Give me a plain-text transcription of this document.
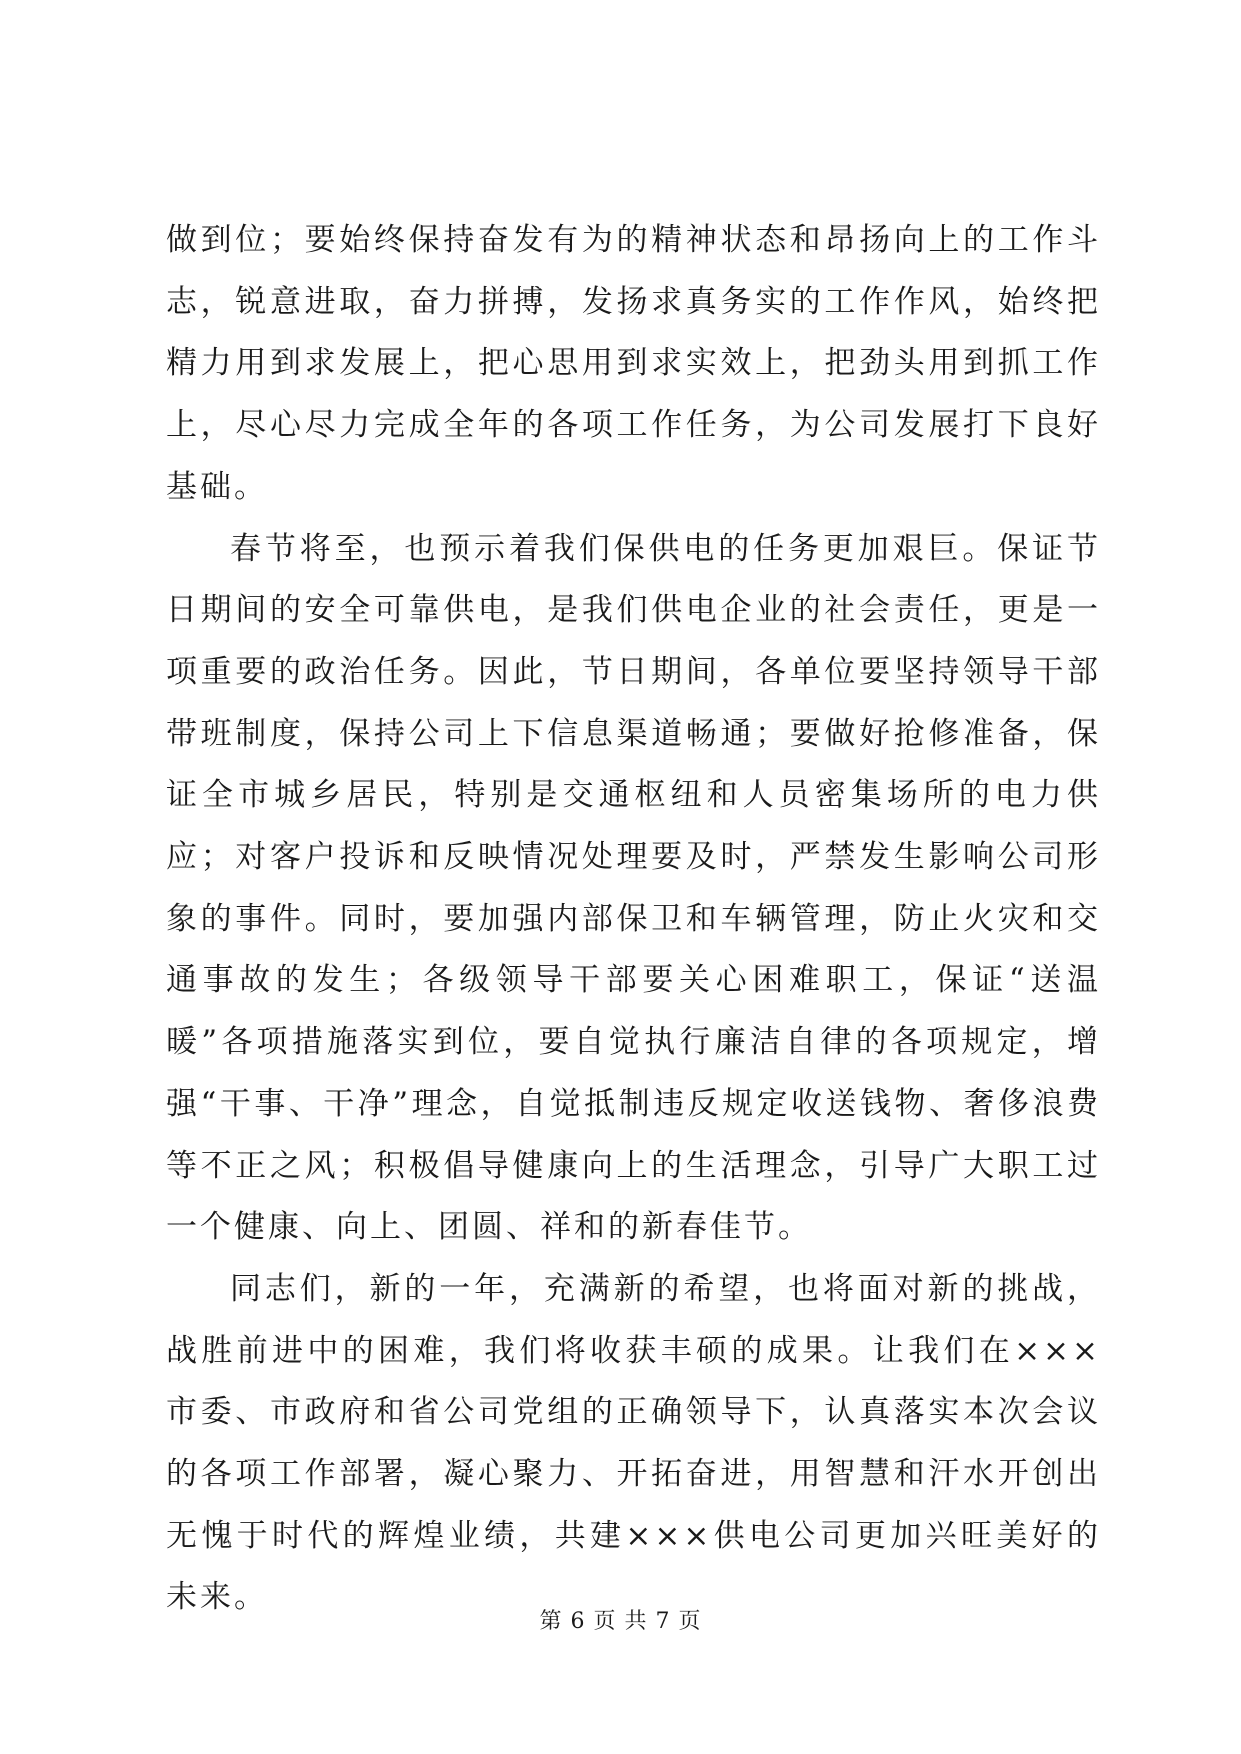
做到位；要始终保持奋发有为的精神状态和昂扬向上的工作斗志，锐意进取，奋力拼搏，发扬求真务实的工作作风，始终把精力用到求发展上，把心思用到求实效上，把劲头用到抓工作上，尽心尽力完成全年的各项工作任务，为公司发展打下良好基础。

春节将至，也预示着我们保供电的任务更加艰巨。保证节日期间的安全可靠供电，是我们供电企业的社会责任，更是一项重要的政治任务。因此，节日期间，各单位要坚持领导干部带班制度，保持公司上下信息渠道畅通；要做好抢修准备，保证全市城乡居民，特别是交通枢纽和人员密集场所的电力供应；对客户投诉和反映情况处理要及时，严禁发生影响公司形象的事件。同时，要加强内部保卫和车辆管理，防止火灾和交通事故的发生；各级领导干部要关心困难职工，保证“送温暖”各项措施落实到位，要自觉执行廉洁自律的各项规定，增强“干事、干净”理念，自觉抵制违反规定收送钱物、奢侈浪费等不正之风；积极倡导健康向上的生活理念，引导广大职工过一个健康、向上、团圆、祥和的新春佳节。

同志们，新的一年，充满新的希望，也将面对新的挑战，战胜前进中的困难，我们将收获丰硕的成果。让我们在×××市委、市政府和省公司党组的正确领导下，认真落实本次会议的各项工作部署，凝心聚力、开拓奋进，用智慧和汗水开创出无愧于时代的辉煌业绩，共建×××供电公司更加兴旺美好的未来。

第 6 页 共 7 页
